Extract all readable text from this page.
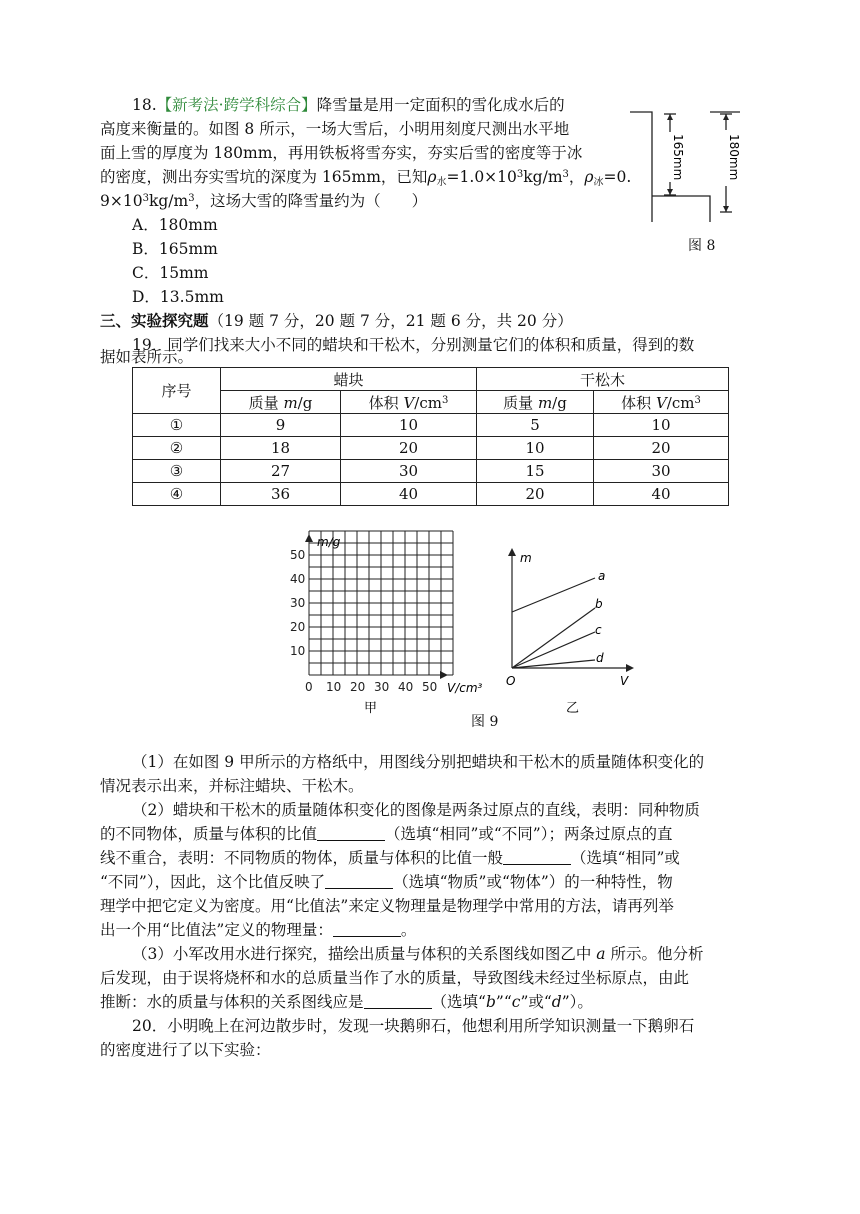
18.【新考法·跨学科综合】降雪量是用一定面积的雪化成水后的
高度来衡量的。如图 8 所示，一场大雪后，小明用刻度尺测出水平地
面上雪的厚度为 180mm，再用铁板将雪夯实，夯实后雪的密度等于冰
的密度，测出夯实雪坑的深度为 165mm，已知$\rho_水=1.0\times 10^3kg/m^3$，$\rho_冰=0$.
$9\times 10^3kg/m^3$，这场大雪的降雪量约为（　　）
A．180mm
B．165mm
C．15mm
D．13.5mm
165mm	180mm
图 8
三、实验探究题（19 题 7 分，20 题 7 分，21 题 6 分，共 20 分）
19．同学们找来大小不同的蜡块和干松木，分别测量它们的体积和质量，得到的数
据如表所示。
序号	蜡块		干松木	
	质量 m/g	体积 $V/cm^3$	质量 m/g	体积 $V/cm^3$
①	9	10	5	10
②	18	20	10	20
③	27	30	15	30
④	36	40	20	40
50
40
30
20
10
0 10 20 30 40 50
m/g
V/cm³
甲
m
V
O
a
b
c
d
乙
图 9
（1）在如图 9 甲所示的方格纸中，用图线分别把蜡块和干松木的质量随体积变化的
情况表示出来，并标注蜡块、干松木。
（2）蜡块和干松木的质量随体积变化的图像是两条过原点的直线，表明：同种物质
的不同物体，质量与体积的比值	（选填“相同”或“不同”）；两条过原点的直
线不重合，表明：不同物质的物体，质量与体积的比值一般	（选填“相同”或
“不同”），因此，这个比值反映了	（选填“物质”或“物体”）的一种特性，物
理学中把它定义为密度。用“比值法”来定义物理量是物理学中常用的方法，请再列举
出一个用“比值法”定义的物理量：	。
（3）小军改用水进行探究，描绘出质量与体积的关系图线如图乙中 a 所示。他分析
后发现，由于误将烧杯和水的总质量当作了水的质量，导致图线未经过坐标原点，由此
推断：水的质量与体积的关系图线应是	（选填“b”“c”或“d”）。
20．小明晚上在河边散步时，发现一块鹅卵石，他想利用所学知识测量一下鹅卵石
的密度进行了以下实验：
